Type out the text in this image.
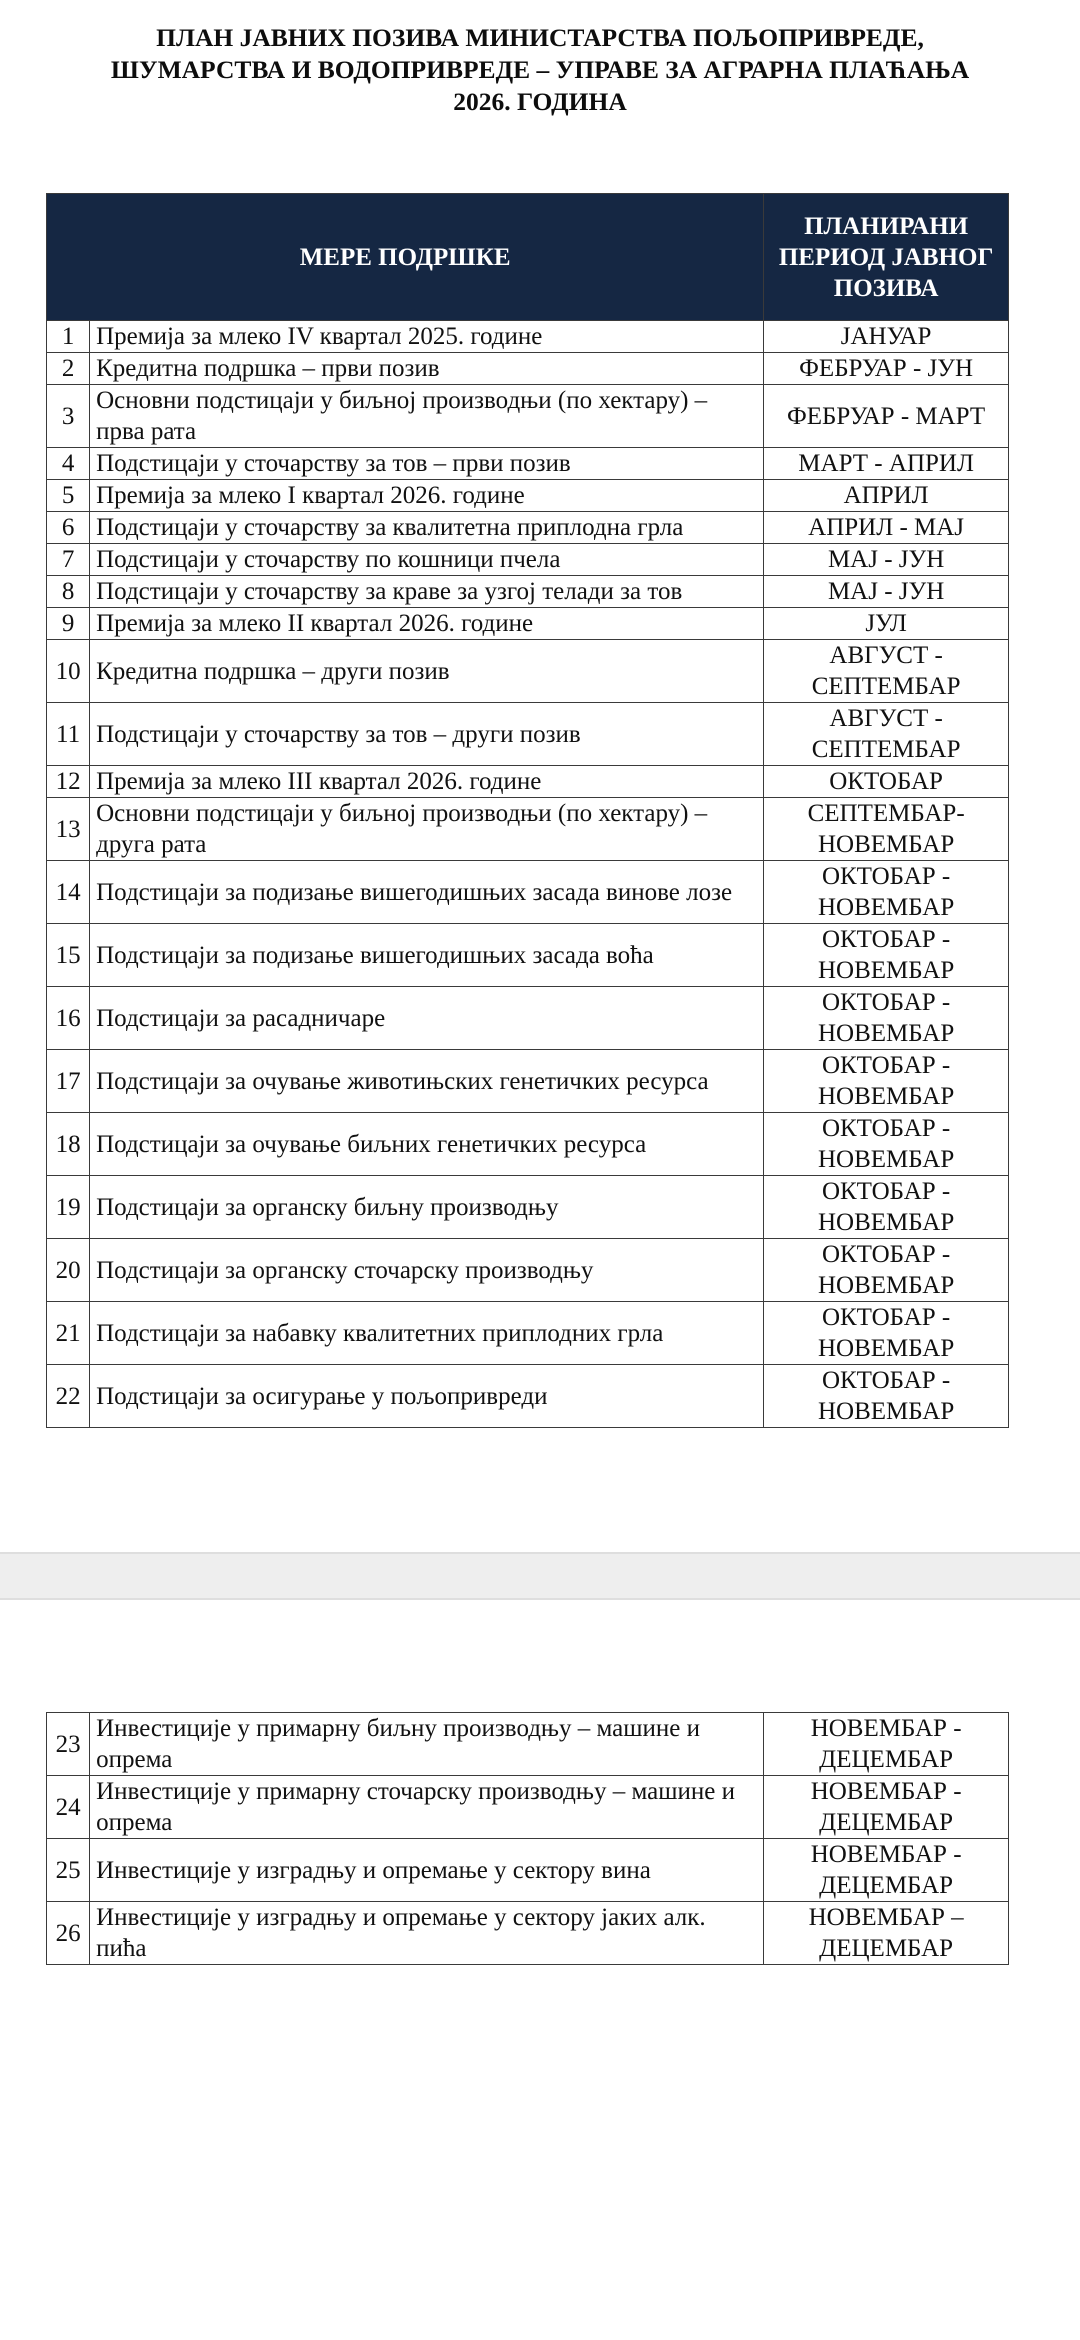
ПЛАН ЈАВНИХ ПОЗИВА МИНИСТАРСТВА ПОЉОПРИВРЕДЕ,
ШУМАРСТВА И ВОДОПРИВРЕДЕ – УПРАВЕ ЗА АГРАРНА ПЛАЋАЊА
2026. ГОДИНА
МЕРЕ ПОДРШКЕ		ПЛАНИРАНИ ПЕРИОД ЈАВНОГ ПОЗИВА
1	Премија за млеко IV квартал 2025. године	ЈАНУАР
2	Кредитна подршка – први позив	ФЕБРУАР - ЈУН
3	Основни подстицаји у биљној производњи (по хектару) – прва рата	ФЕБРУАР - МАРТ
4	Подстицаји у сточарству за тов – први позив	МАРТ - АПРИЛ
5	Премија за млеко I квартал 2026. године	АПРИЛ
6	Подстицаји у сточарству за квалитетна приплодна грла	АПРИЛ - МАЈ
7	Подстицаји у сточарству по кошници пчела	МАЈ - ЈУН
8	Подстицаји у сточарству за краве за узгој телади за тов	МАЈ - ЈУН
9	Премија за млеко II квартал 2026. године	ЈУЛ
10	Кредитна подршка – други позив	АВГУСТ - СЕПТЕМБАР
11	Подстицаји у сточарству за тов – други позив	АВГУСТ - СЕПТЕМБАР
12	Премија за млеко III квартал 2026. године	ОКТОБАР
13	Основни подстицаји у биљној производњи (по хектару) – друга рата	СЕПТЕМБАР-НОВЕМБАР
14	Подстицаји за подизање вишегодишњих засада винове лозе	ОКТОБАР - НОВЕМБАР
15	Подстицаји за подизање вишегодишњих засада воћа	ОКТОБАР - НОВЕМБАР
16	Подстицаји за расадничаре	ОКТОБАР - НОВЕМБАР
17	Подстицаји за очување животињских генетичких ресурса	ОКТОБАР - НОВЕМБАР
18	Подстицаји за очување биљних генетичких ресурса	ОКТОБАР - НОВЕМБАР
19	Подстицаји за органску биљну производњу	ОКТОБАР - НОВЕМБАР
20	Подстицаји за органску сточарску производњу	ОКТОБАР - НОВЕМБАР
21	Подстицаји за набавку квалитетних приплодних грла	ОКТОБАР - НОВЕМБАР
22	Подстицаји за осигурање у пољопривреди	ОКТОБАР - НОВЕМБАР
23	Инвестиције у примарну биљну производњу – машине и опрема	НОВЕМБАР - ДЕЦЕМБАР
24	Инвестиције у примарну сточарску производњу – машине и опрема	НОВЕМБАР - ДЕЦЕМБАР
25	Инвестиције у изградњу и опремање у сектору вина	НОВЕМБАР - ДЕЦЕМБАР
26	Инвестиције у изградњу и опремање у сектору јаких алк. пића	НОВЕМБАР – ДЕЦЕМБАР
